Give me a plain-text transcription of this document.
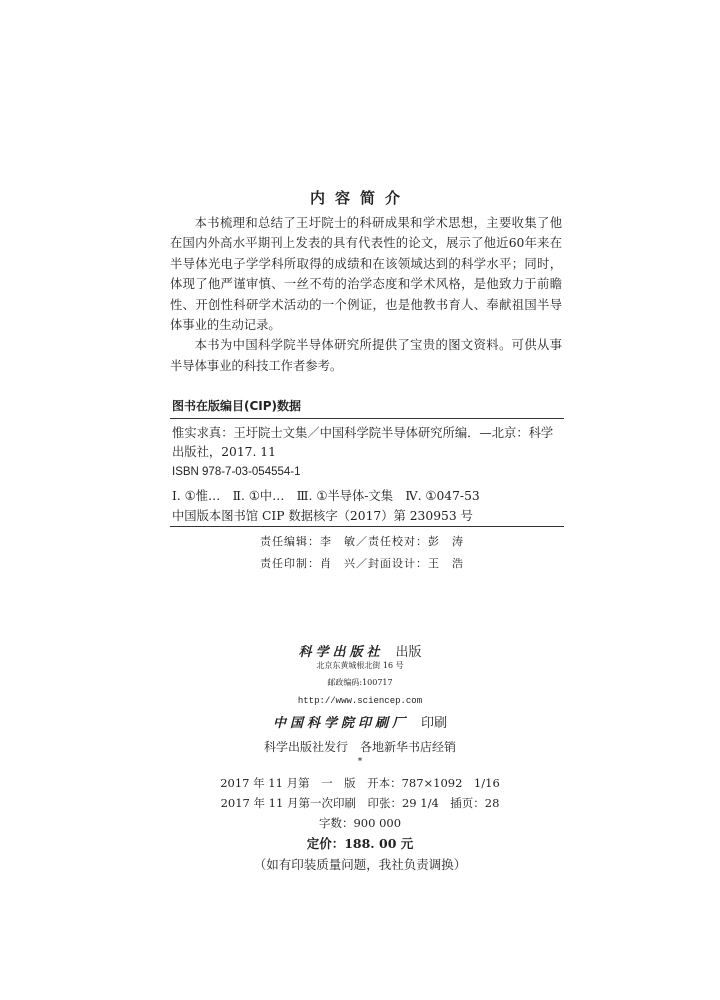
内容简介

本书梳理和总结了王圩院士的科研成果和学术思想，主要收集了他在国内外高水平期刊上发表的具有代表性的论文，展示了他近60年来在半导体光电子学学科所取得的成绩和在该领域达到的科学水平；同时，体现了他严谨审慎、一丝不苟的治学态度和学术风格，是他致力于前瞻性、开创性科研学术活动的一个例证，也是他教书育人、奉献祖国半导体事业的生动记录。

本书为中国科学院半导体研究所提供了宝贵的图文资料。可供从事半导体事业的科技工作者参考。

图书在版编目(CIP)数据
惟实求真：王圩院士文集／中国科学院半导体研究所编．—北京：科学出版社，2017. 11
ISBN 978-7-03-054554-1
Ⅰ. ①惟…　Ⅱ. ①中…　Ⅲ. ①半导体-文集　Ⅳ. ①047-53
中国版本图书馆 CIP 数据核字（2017）第 230953 号
责任编辑：李　敏／责任校对：彭　涛
责任印制：肖　兴／封面设计：王　浩
科学出版社 出版
北京东黄城根北街 16 号
邮政编码:100717
http://www.sciencep.com
中国科学院印刷厂 印刷
科学出版社发行　各地新华书店经销
*
2017 年 11 月第　一　版　开本：787×1092　1/16
2017 年 11 月第一次印刷　印张：29 1/4　插页：28
字数：900 000
定价：188. 00 元
（如有印装质量问题，我社负责调换）
